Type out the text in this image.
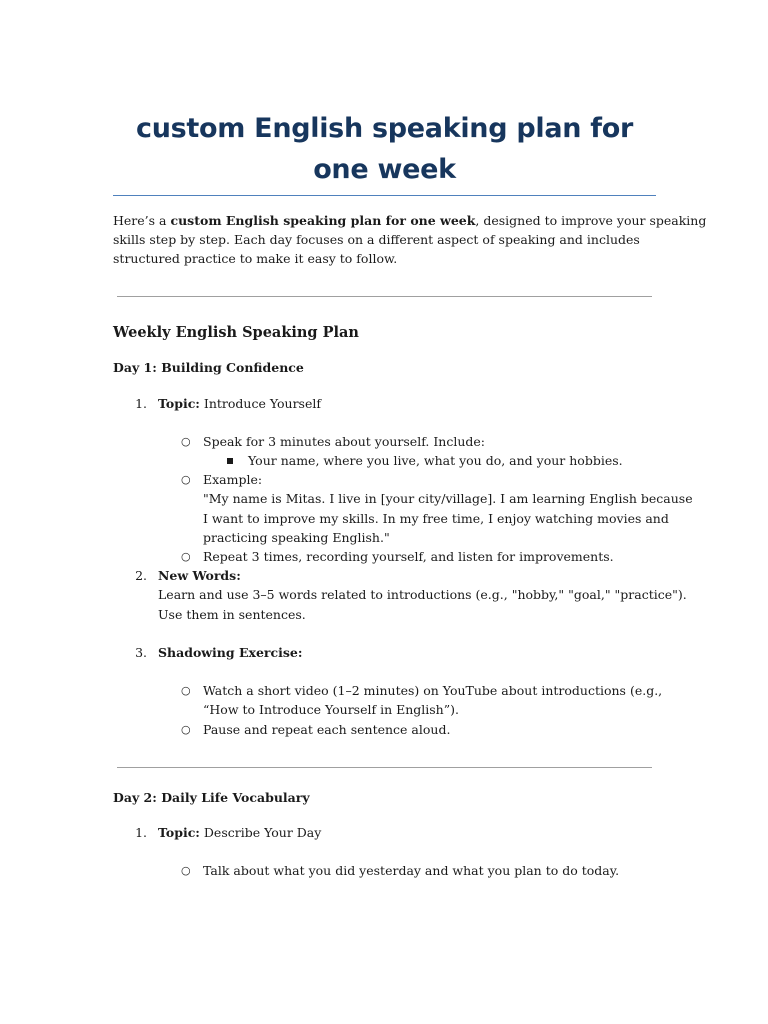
custom English speaking plan for one week
Here’s a custom English speaking plan for one week, designed to improve your speaking
skills step by step. Each day focuses on a different aspect of speaking and includes
structured practice to make it easy to follow.
Weekly English Speaking Plan
Day 1: Building Confidence
1. Topic: Introduce Yourself
○ Speak for 3 minutes about yourself. Include:
Your name, where you live, what you do, and your hobbies.
○ Example:
"My name is Mitas. I live in [your city/village]. I am learning English because
I want to improve my skills. In my free time, I enjoy watching movies and
practicing speaking English."
○ Repeat 3 times, recording yourself, and listen for improvements.
2. New Words:
Learn and use 3–5 words related to introductions (e.g., "hobby," "goal," "practice").
Use them in sentences.
3. Shadowing Exercise:
○ Watch a short video (1–2 minutes) on YouTube about introductions (e.g.,
“How to Introduce Yourself in English”).
○ Pause and repeat each sentence aloud.
Day 2: Daily Life Vocabulary
1. Topic: Describe Your Day
○ Talk about what you did yesterday and what you plan to do today.
